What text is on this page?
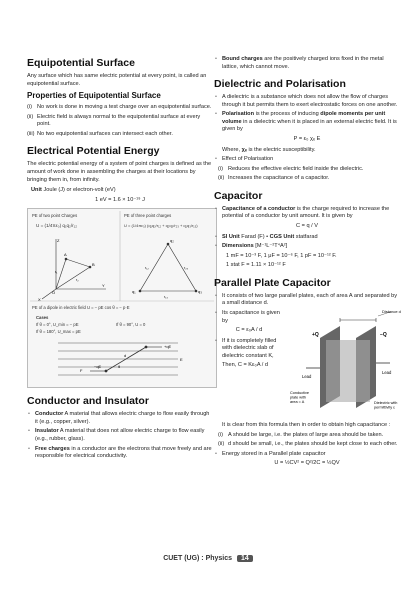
Equipotential Surface

Any surface which has same electric potential at every point, is called an equipotential surface.

Properties of Equipotential Surface
(i) No work is done in moving a test charge over an equipotential surface.
(ii) Electric field is always normal to the equipotential surface at every point.
(iii) No two equipotential surfaces can intersect each other.
Electrical Potential Energy

The electric potential energy of a system of point charges is defined as the amount of work done in assembling the charges at their locations by bringing them in, from infinity.

Unit Joule (J) or electron-volt (eV)

1 eV = 1.6 × 10⁻¹⁹ J

PE of two point Charges
U = (1/4πε₀) q₁q₂/r₁₂
PE of three point charges
U = (1/4πε₀) (q₁q₂/r₁₂ + q₂q₃/r₂₃ + q₁q₃/r₁₃)
PE of a dipole in electric field U = − pE cos θ = − p·E
Cases
If θ = 0°, U_min = − pE	If θ = 90°, U = 0
If θ = 180°, U_max = pE
A
B
O
X
Y
Z
r₁
r₂
q₂
q₁	q₃
r₁₂	r₂₃
r₁₃
+qE
−qE
F
E
θ
d
Conductor and Insulator
• Conductor A material that allows electric charge to flow easily through it (e.g., copper, silver).
• Insulator A material that does not allow electric charge to flow easily (e.g., rubber, glass).
• Free charges in a conductor are the electrons that move freely and are responsible for electrical conductivity.
• Bound charges are the positively charged ions fixed in the metal lattice, which cannot move.
Dielectric and Polarisation
• A dielectric is a substance which does not allow the flow of charges through it but permits them to exert electrostatic forces on one another.
• Polarisation is the process of inducing dipole moments per unit volume in a dielectric when it is placed in an external electric field. It is given by

P = ε₀ χₑ E

Where, χₑ is the electric susceptibility.

• Effect of Polarisation
(i) Reduces the effective electric field inside the dielectric.
(ii) Increases the capacitance of a capacitor.
Capacitor
• Capacitance of a conductor is the charge required to increase the potential of a conductor by unit amount. It is given by

C = q / V

• SI Unit Farad (F) • CGS Unit statfarad
• Dimensions [M⁻¹L⁻²T⁴A²]

1 mF = 10⁻³ F, 1 μF = 10⁻⁶ F, 1 pF = 10⁻¹² F.

1 stat F = 1.11 × 10⁻¹² F

Parallel Plate Capacitor
• It consists of two large parallel plates, each of area A and separated by a small distance d.
• Its capacitance is given by

C = ε₀A / d

• If it is completely filled with dielectric slab of dielectric constant K,

Then, C = Kε₀A / d

Distance d
+Q	−Q
Lead
Lead
Conductive plate with area = A	Dielectric with permittivity ε

It is clear from this formula then in order to obtain high capacitance :

(i) A should be large, i.e. the plates of large area should be taken.
(ii) d should be small, i.e., the plates should be kept close to each other.
• Energy stored in a Parallel plate capacitor

U = ½CV² = Q²/2C = ½QV

CUET (UG) : Physics 14
